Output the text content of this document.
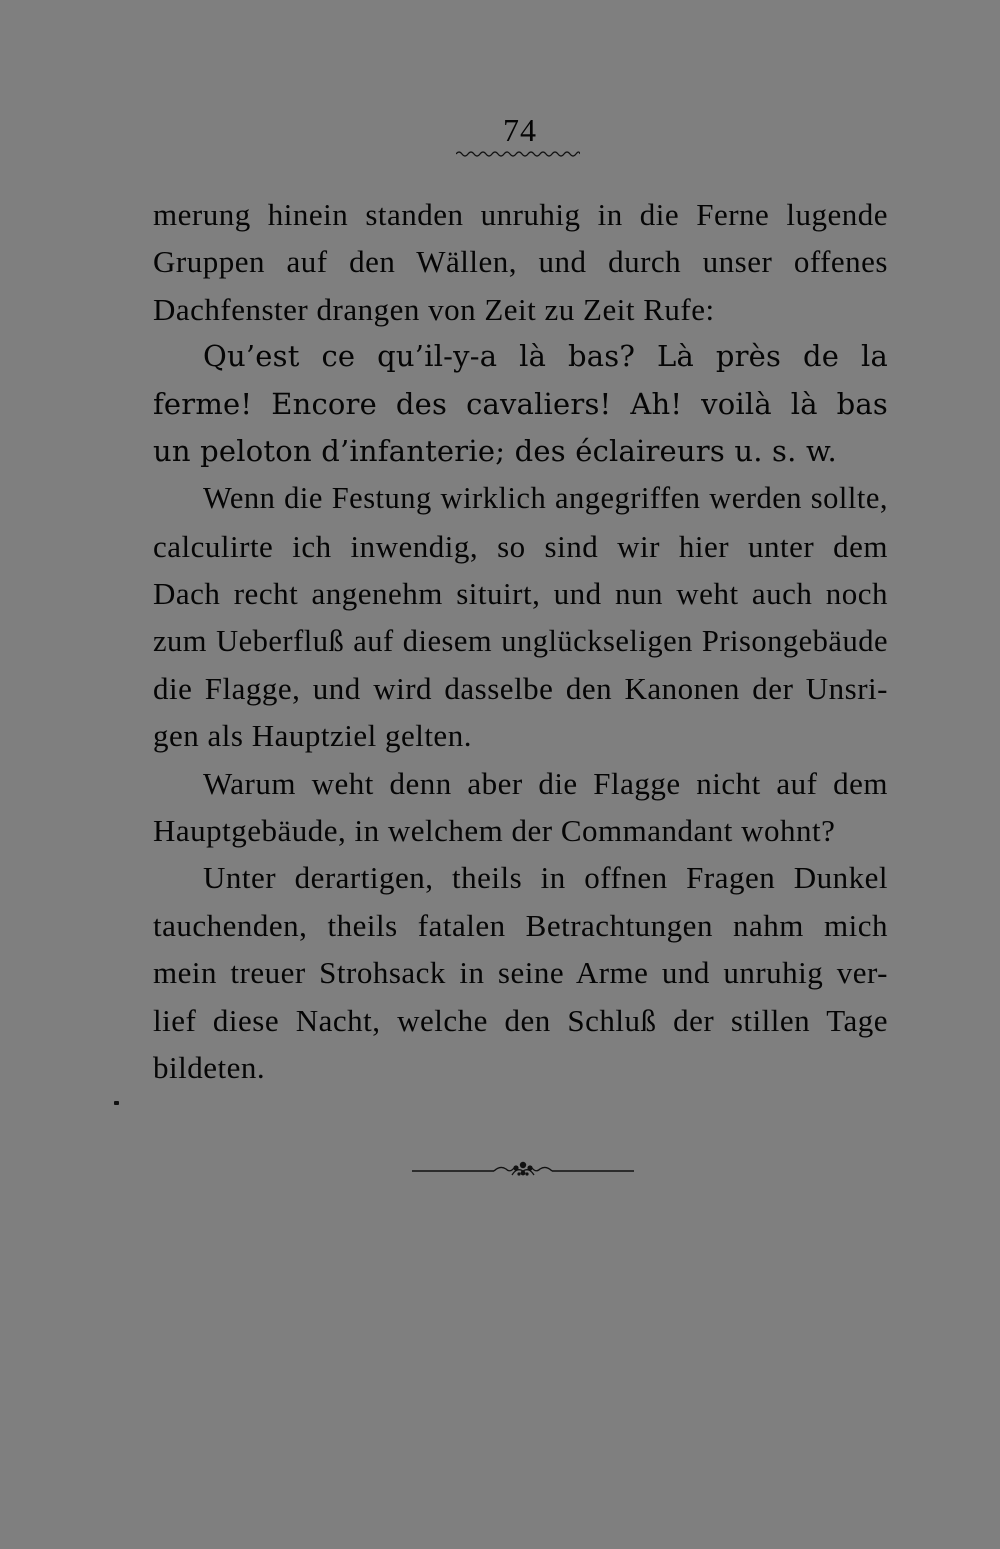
74
merung hinein standen unruhig in die Ferne lugende
Gruppen auf den Wällen, und durch unser offenes
Dachfenster drangen von Zeit zu Zeit Rufe:
Qu’est ce qu’il-y-a là bas? Là près de la
ferme! Encore des cavaliers! Ah! voilà là bas
un peloton d’infanterie; des éclaireurs u. s. w.
Wenn die Festung wirklich angegriffen werden sollte,
calculirte ich inwendig, so sind wir hier unter dem
Dach recht angenehm situirt, und nun weht auch noch
zum Ueberfluß auf diesem unglückseligen Prisongebäude
die Flagge, und wird dasselbe den Kanonen der Unsri-
gen als Hauptziel gelten.
Warum weht denn aber die Flagge nicht auf dem
Hauptgebäude, in welchem der Commandant wohnt?
Unter derartigen, theils in offnen Fragen Dunkel
tauchenden, theils fatalen Betrachtungen nahm mich
mein treuer Strohsack in seine Arme und unruhig ver-
lief diese Nacht, welche den Schluß der stillen Tage
bildeten.
